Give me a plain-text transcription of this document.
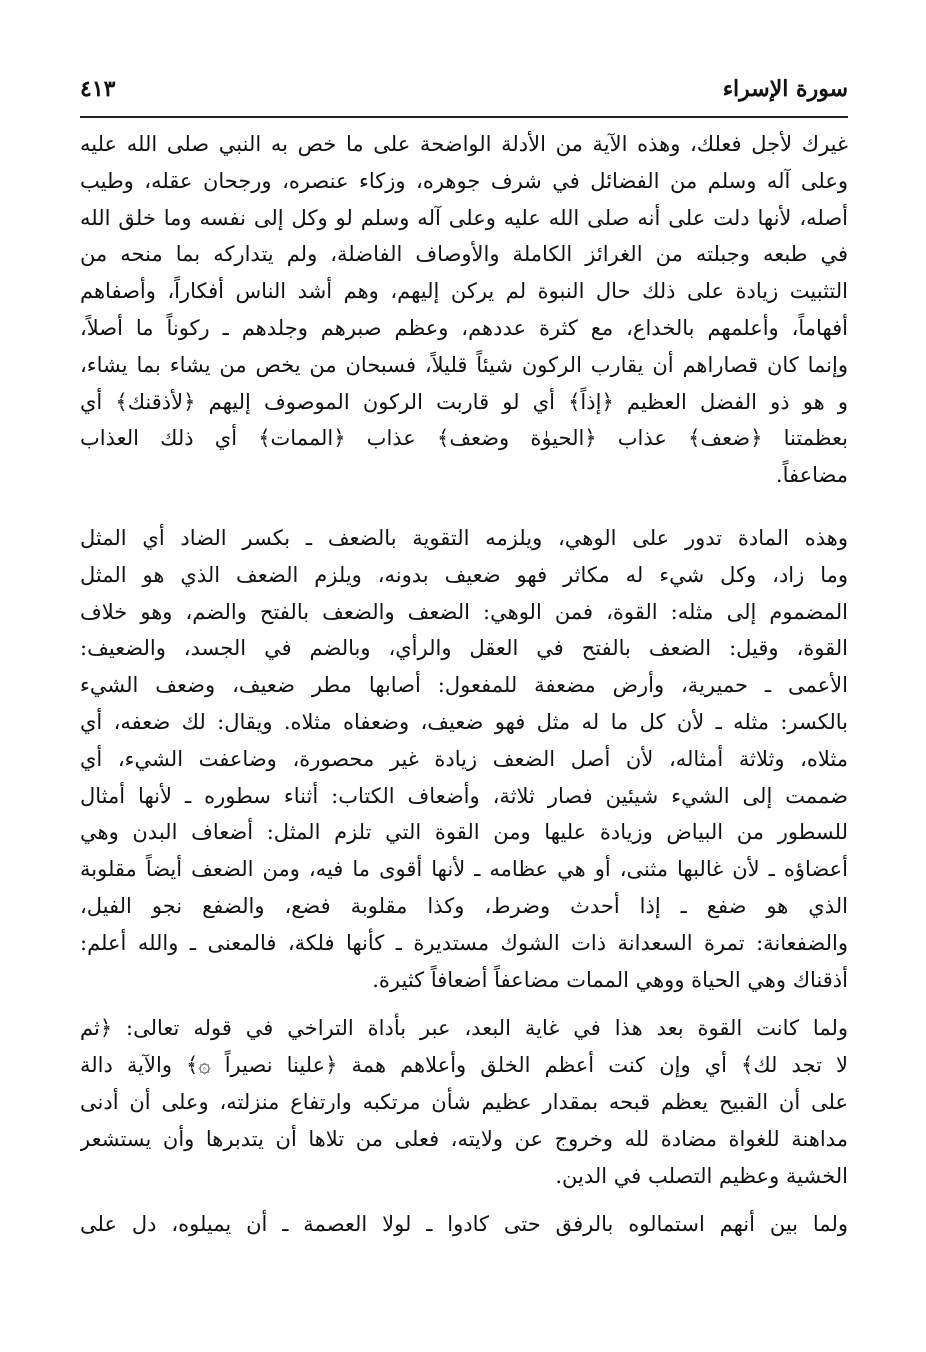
سورة الإسراء
٤١٣
غيرك لأجل فعلك، وهذه الآية من الأدلة الواضحة على ما خص به النبي صلى الله عليه
وعلى آله وسلم من الفضائل في شرف جوهره، وزكاء عنصره، ورجحان عقله، وطيب
أصله، لأنها دلت على أنه صلى الله عليه وعلى آله وسلم لو وكل إلى نفسه وما خلق الله
في طبعه وجبلته من الغرائز الكاملة والأوصاف الفاضلة، ولم يتداركه بما منحه من
التثبيت زيادة على ذلك حال النبوة لم يركن إليهم، وهم أشد الناس أفكاراً، وأصفاهم
أفهاماً، وأعلمهم بالخداع، مع كثرة عددهم، وعظم صبرهم وجلدهم ـ ركوناً ما أصلاً،
وإنما كان قصاراهم أن يقارب الركون شيئاً قليلاً، فسبحان من يخص من يشاء بما يشاء،
و هو ذو الفضل العظيم ﴿إذاً﴾ أي لو قاربت الركون الموصوف إليهم ﴿لأذقنك﴾ أي
بعظمتنا ﴿ضعف﴾ عذاب ﴿الحيوٰة وضعف﴾ عذاب ﴿الممات﴾ أي ذلك العذاب
مضاعفاً.
وهذه المادة تدور على الوهي، ويلزمه التقوية بالضعف ـ بكسر الضاد أي المثل
وما زاد، وكل شيء له مكاثر فهو ضعيف بدونه، ويلزم الضعف الذي هو المثل
المضموم إلى مثله: القوة، فمن الوهي: الضعف والضعف بالفتح والضم، وهو خلاف
القوة، وقيل: الضعف بالفتح في العقل والرأي، وبالضم في الجسد، والضعيف:
الأعمى ـ حميرية، وأرض مضعفة للمفعول: أصابها مطر ضعيف، وضعف الشيء
بالكسر: مثله ـ لأن كل ما له مثل فهو ضعيف، وضعفاه مثلاه. ويقال: لك ضعفه، أي
مثلاه، وثلاثة أمثاله، لأن أصل الضعف زيادة غير محصورة، وضاعفت الشيء، أي
ضممت إلى الشيء شيئين فصار ثلاثة، وأضعاف الكتاب: أثناء سطوره ـ لأنها أمثال
للسطور من البياض وزيادة عليها ومن القوة التي تلزم المثل: أضعاف البدن وهي
أعضاؤه ـ لأن غالبها مثنى، أو هي عظامه ـ لأنها أقوى ما فيه، ومن الضعف أيضاً مقلوبة
الذي هو ضفع ـ إذا أحدث وضرط، وكذا مقلوبة فضع، والضفع نجو الفيل،
والضفعانة: تمرة السعدانة ذات الشوك مستديرة ـ كأنها فلكة، فالمعنى ـ والله أعلم:
أذقناك وهي الحياة ووهي الممات مضاعفاً أضعافاً كثيرة.
ولما كانت القوة بعد هذا في غاية البعد، عبر بأداة التراخي في قوله تعالى: ﴿ثم
لا تجد لك﴾ أي وإن كنت أعظم الخلق وأعلاهم همة ﴿علينا نصيراً ۞﴾ والآية دالة
على أن القبيح يعظم قبحه بمقدار عظيم شأن مرتكبه وارتفاع منزلته، وعلى أن أدنى
مداهنة للغواة مضادة لله وخروج عن ولايته، فعلى من تلاها أن يتدبرها وأن يستشعر
الخشية وعظيم التصلب في الدين.
ولما بين أنهم استمالوه بالرفق حتى كادوا ـ لولا العصمة ـ أن يميلوه، دل على
